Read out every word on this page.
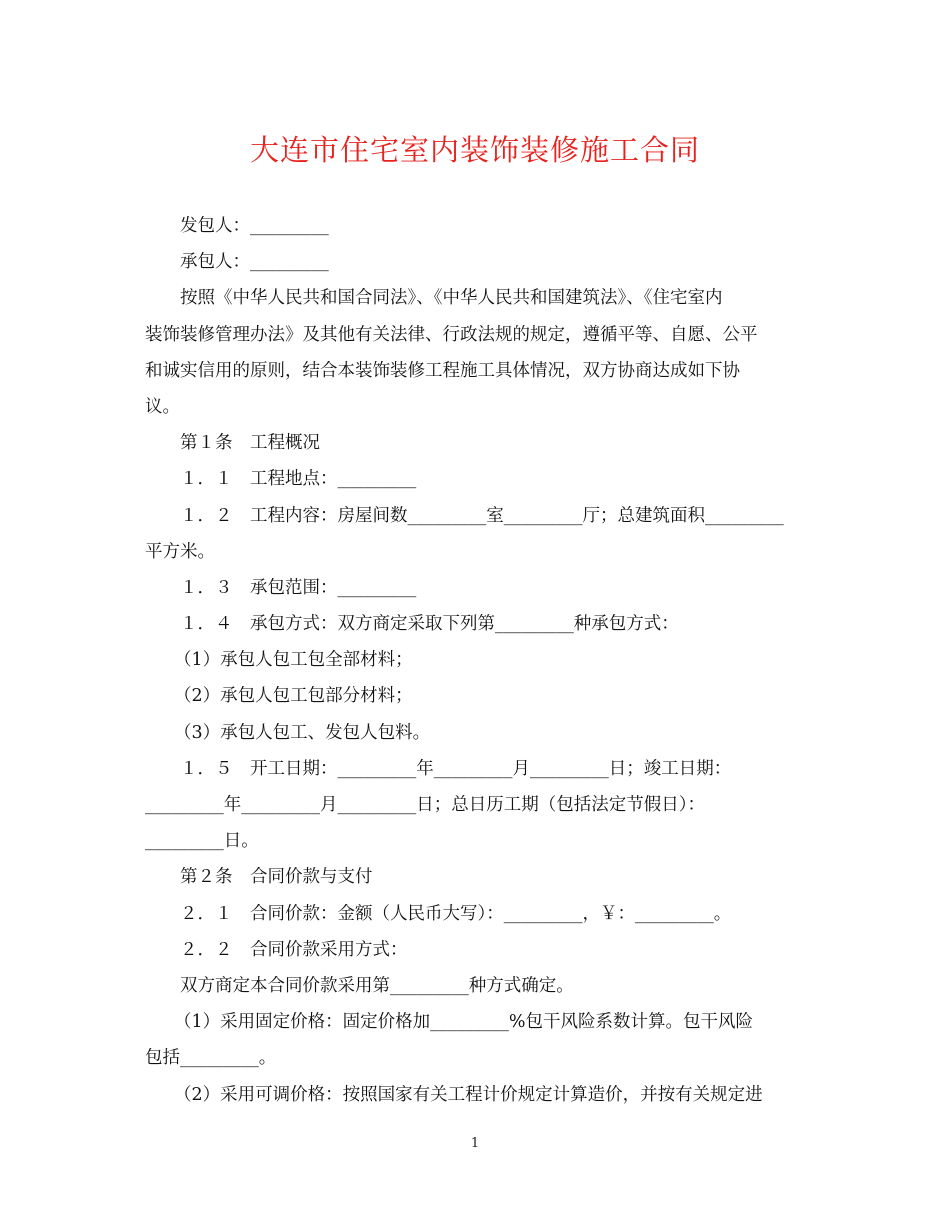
大连市住宅室内装饰装修施工合同
发包人：_________
承包人：_________
按照《中华人民共和国合同法》、《中华人民共和国建筑法》、《住宅室内
装饰装修管理办法》及其他有关法律、行政法规的规定，遵循平等、自愿、公平
和诚实信用的原则，结合本装饰装修工程施工具体情况，双方协商达成如下协
议。
第１条　工程概况
１．１　工程地点：_________
１．２　工程内容：房屋间数_________室_________厅；总建筑面积_________
平方米。
１．３　承包范围：_________
１．４　承包方式：双方商定采取下列第_________种承包方式：
（1）承包人包工包全部材料；
（2）承包人包工包部分材料；
（3）承包人包工、发包人包料。
１．５　开工日期：_________年_________月_________日；竣工日期：
_________年_________月_________日；总日历工期（包括法定节假日）：
_________日。
第２条　合同价款与支付
２．１　合同价款：金额（人民币大写）：_________，￥：_________。
２．２　合同价款采用方式：
双方商定本合同价款采用第_________种方式确定。
（1）采用固定价格：固定价格加_________%包干风险系数计算。包干风险
包括_________。
（2）采用可调价格：按照国家有关工程计价规定计算造价，并按有关规定进
1
